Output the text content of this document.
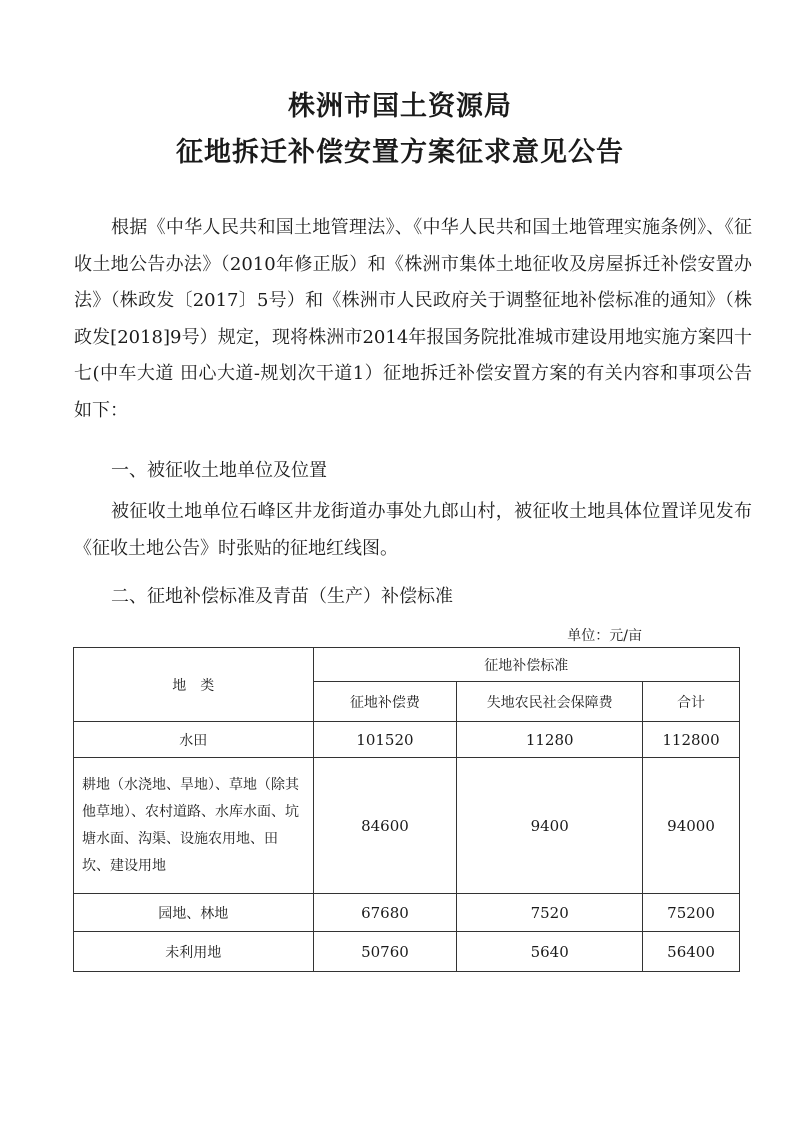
株洲市国土资源局
征地拆迁补偿安置方案征求意见公告

根据《中华人民共和国土地管理法》、《中华人民共和国土地管理实施条例》、《征收土地公告办法》（2010年修正版）和《株洲市集体土地征收及房屋拆迁补偿安置办法》（株政发〔2017〕5号）和《株洲市人民政府关于调整征地补偿标准的通知》（株政发[2018]9号）规定，现将株洲市2014年报国务院批准城市建设用地实施方案四十七(中车大道 田心大道-规划次干道1）征地拆迁补偿安置方案的有关内容和事项公告如下：

一、被征收土地单位及位置

被征收土地单位石峰区井龙街道办事处九郎山村，被征收土地具体位置详见发布《征收土地公告》时张贴的征地红线图。

二、征地补偿标准及青苗（生产）补偿标准

单位：元/亩
地　类	征地补偿标准		
	征地补偿费	失地农民社会保障费	合计
水田	101520	11280	112800
耕地（水浇地、旱地）、草地（除其他草地）、农村道路、水库水面、坑塘水面、沟渠、设施农用地、田坎、建设用地	84600	9400	94000
园地、林地	67680	7520	75200
未利用地	50760	5640	56400
